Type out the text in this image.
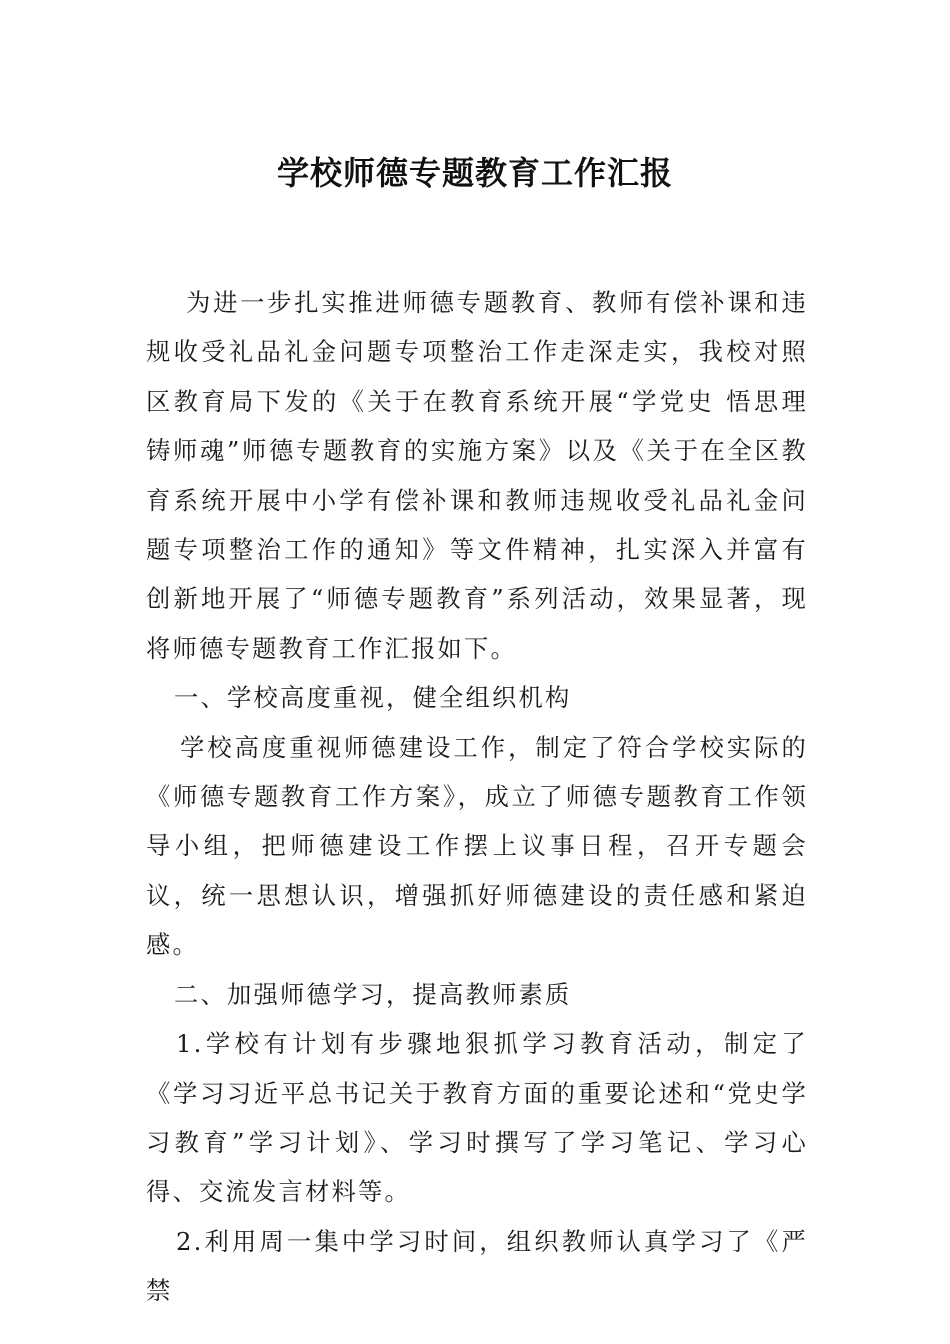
学校师德专题教育工作汇报

为进一步扎实推进师德专题教育、教师有偿补课和违规收受礼品礼金问题专项整治工作走深走实，我校对照区教育局下发的《关于在教育系统开展“学党史 悟思理 铸师魂”师德专题教育的实施方案》以及《关于在全区教育系统开展中小学有偿补课和教师违规收受礼品礼金问题专项整治工作的通知》等文件精神，扎实深入并富有创新地开展了“师德专题教育”系列活动，效果显著，现将师德专题教育工作汇报如下。

一、学校高度重视，健全组织机构

学校高度重视师德建设工作，制定了符合学校实际的《师德专题教育工作方案》，成立了师德专题教育工作领导小组，把师德建设工作摆上议事日程，召开专题会议，统一思想认识，增强抓好师德建设的责任感和紧迫感。

二、加强师德学习，提高教师素质

1.学校有计划有步骤地狠抓学习教育活动，制定了《学习习近平总书记关于教育方面的重要论述和“党史学习教育”学习计划》、学习时撰写了学习笔记、学习心得、交流发言材料等。

2.利用周一集中学习时间，组织教师认真学习了《严禁
